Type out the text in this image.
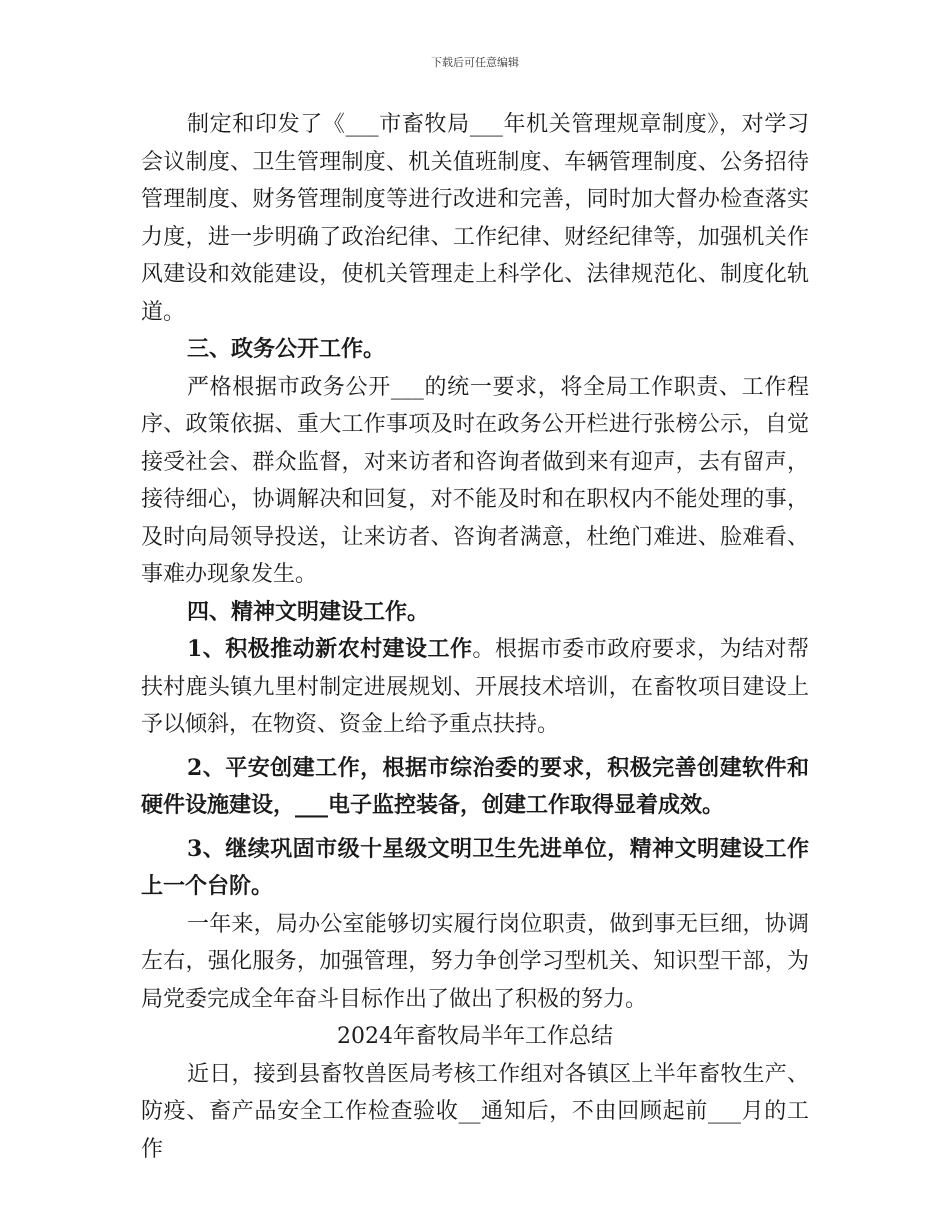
下载后可任意编辑

制定和印发了《___市畜牧局___年机关管理规章制度》，对学习会议制度、卫生管理制度、机关值班制度、车辆管理制度、公务招待管理制度、财务管理制度等进行改进和完善，同时加大督办检查落实力度，进一步明确了政治纪律、工作纪律、财经纪律等，加强机关作风建设和效能建设，使机关管理走上科学化、法律规范化、制度化轨道。

三、政务公开工作。

严格根据市政务公开___的统一要求，将全局工作职责、工作程序、政策依据、重大工作事项及时在政务公开栏进行张榜公示，自觉接受社会、群众监督，对来访者和咨询者做到来有迎声，去有留声，接待细心，协调解决和回复，对不能及时和在职权内不能处理的事，及时向局领导投送，让来访者、咨询者满意，杜绝门难进、脸难看、事难办现象发生。

四、精神文明建设工作。

1、积极推动新农村建设工作。根据市委市政府要求，为结对帮扶村鹿头镇九里村制定进展规划、开展技术培训，在畜牧项目建设上予以倾斜，在物资、资金上给予重点扶持。

2、平安创建工作，根据市综治委的要求，积极完善创建软件和硬件设施建设，___电子监控装备，创建工作取得显着成效。

3、继续巩固市级十星级文明卫生先进单位，精神文明建设工作上一个台阶。

一年来，局办公室能够切实履行岗位职责，做到事无巨细，协调左右，强化服务，加强管理，努力争创学习型机关、知识型干部，为局党委完成全年奋斗目标作出了做出了积极的努力。

2024年畜牧局半年工作总结

近日，接到县畜牧兽医局考核工作组对各镇区上半年畜牧生产、防疫、畜产品安全工作检查验收__通知后，不由回顾起前___月的工作
